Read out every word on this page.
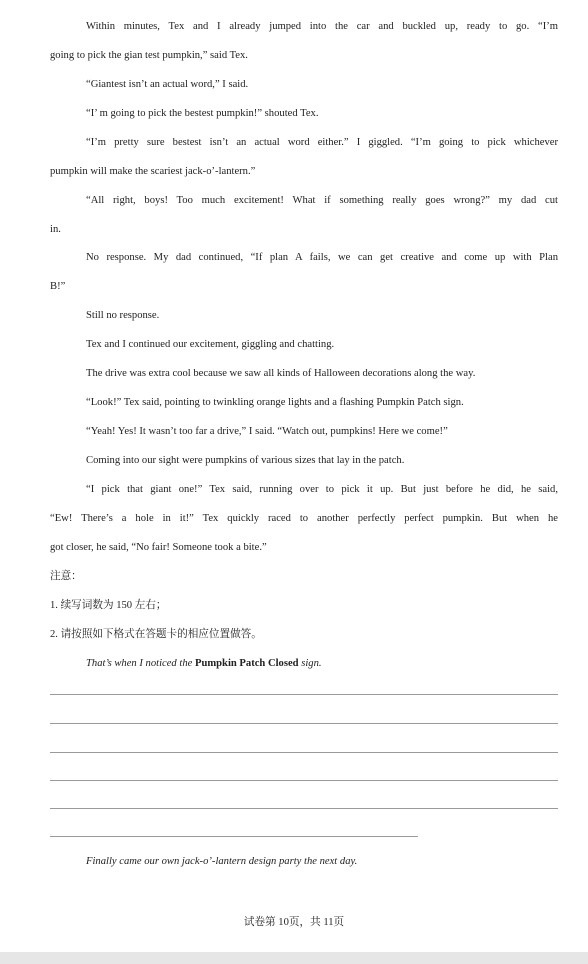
Within minutes, Tex and I already jumped into the car and buckled up, ready to go. “I’m
going to pick the gian test pumpkin,” said Tex.
“Giantest isn’t an actual word,” I said.
“I’ m going to pick the bestest pumpkin!” shouted Tex.
“I’m pretty sure bestest isn’t an actual word either.” I giggled. “I’m going to pick whichever
pumpkin will make the scariest jack-o’-lantern.”
“All right, boys! Too much excitement! What if something really goes wrong?” my dad cut
in.
No response. My dad continued, “If plan A fails, we can get creative and come up with Plan
B!”
Still no response.
Tex and I continued our excitement, giggling and chatting.
The drive was extra cool because we saw all kinds of Halloween decorations along the way.
“Look!” Tex said, pointing to twinkling orange lights and a flashing Pumpkin Patch sign.
“Yeah! Yes! It wasn’t too far a drive,” I said. “Watch out, pumpkins! Here we come!”
Coming into our sight were pumpkins of various sizes that lay in the patch.
“I pick that giant one!” Tex said, running over to pick it up. But just before he did, he said,
“Ew! There’s a hole in it!” Tex quickly raced to another perfectly perfect pumpkin. But when he
got closer, he said, “No fair! Someone took a bite.”
注意：
1. 续写词数为 150 左右；
2. 请按照如下格式在答题卡的相应位置做答。
That’s when I noticed the Pumpkin Patch Closed sign.
Finally came our own jack-o’-lantern design party the next day.
试卷第 10页，共 11页
